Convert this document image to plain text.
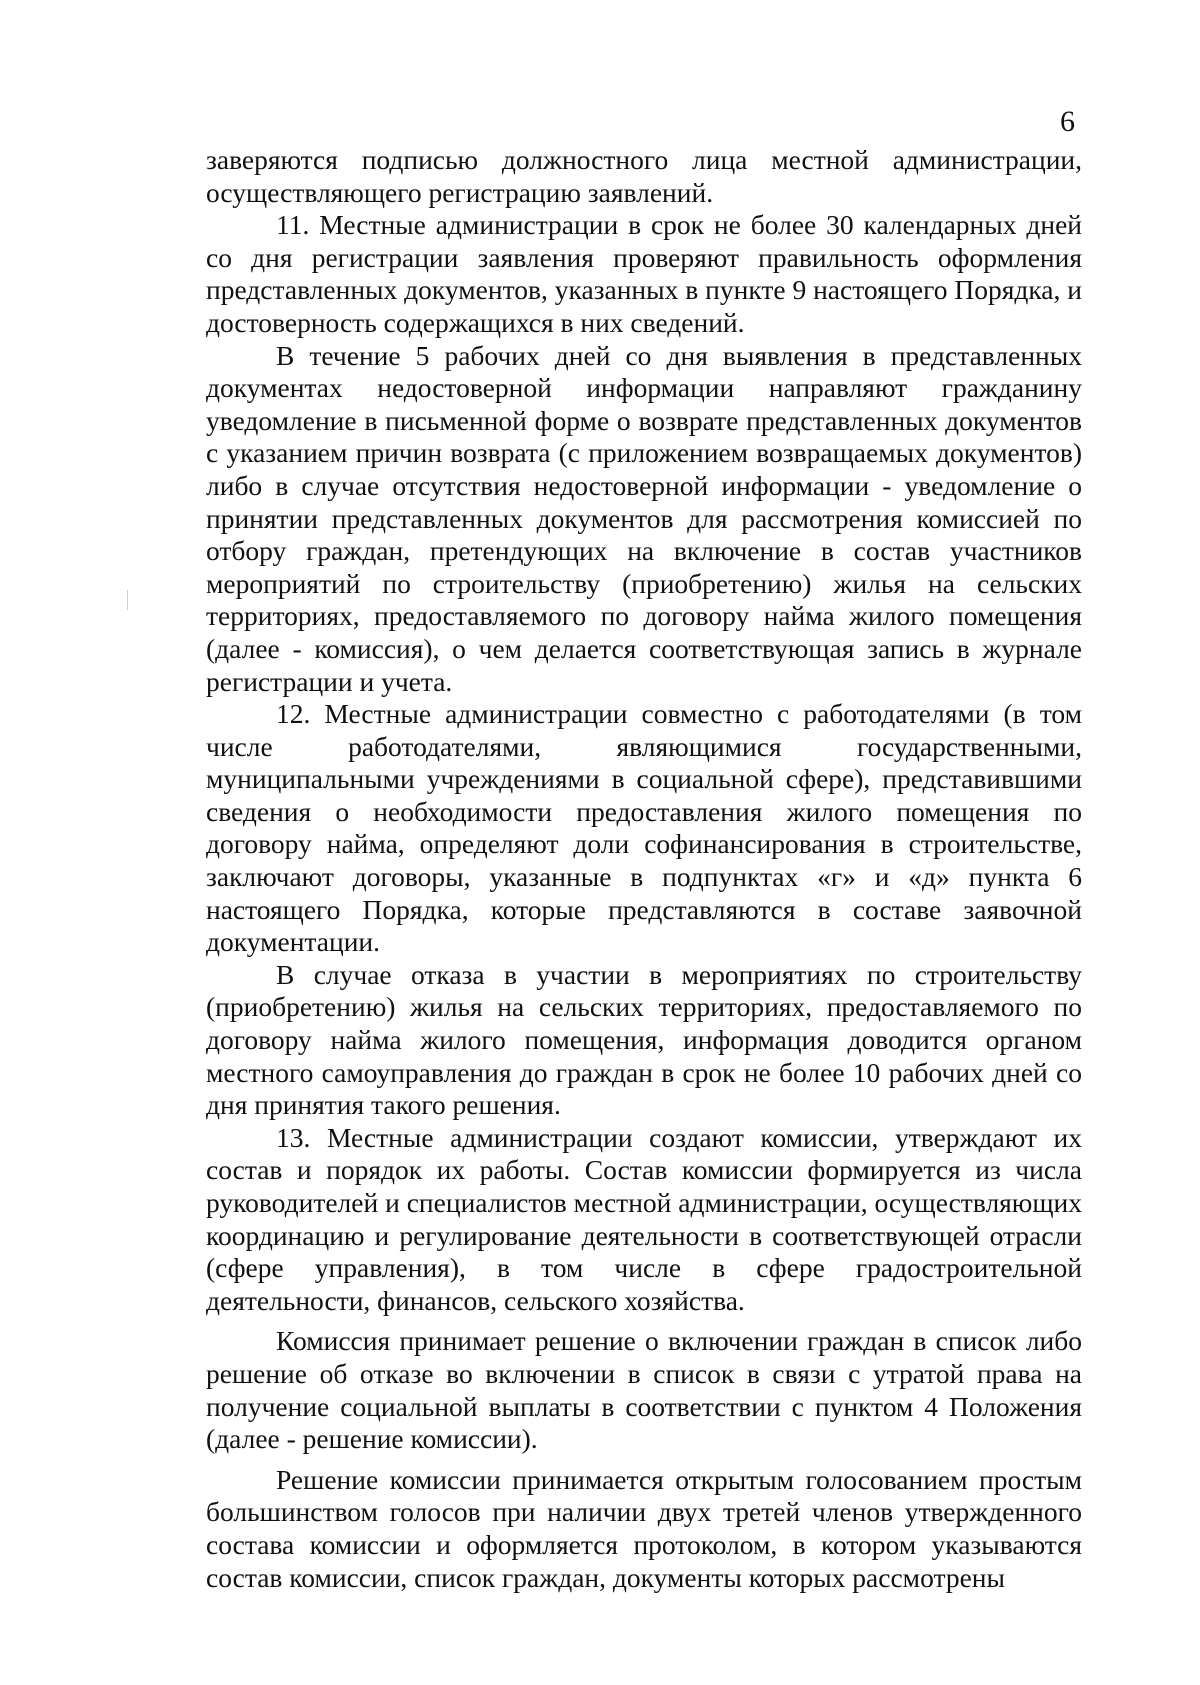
6

заверяются подписью должностного лица местной администрации, осуществляющего регистрацию заявлений.

11. Местные администрации в срок не более 30 календарных дней со дня регистрации заявления проверяют правильность оформления представленных документов, указанных в пункте 9 настоящего Порядка, и достоверность содержащихся в них сведений.

В течение 5 рабочих дней со дня выявления в представленных документах недостоверной информации направляют гражданину уведомление в письменной форме о возврате представленных документов с указанием причин возврата (с приложением возвращаемых документов) либо в случае отсутствия недостоверной информации - уведомление о принятии представленных документов для рассмотрения комиссией по отбору граждан, претендующих на включение в состав участников мероприятий по строительству (приобретению) жилья на сельских территориях, предоставляемого по договору найма жилого помещения (далее - комиссия), о чем делается соответствующая запись в журнале регистрации и учета.

12. Местные администрации совместно с работодателями (в том числе работодателями, являющимися государственными, муниципальными учреждениями в социальной сфере), представившими сведения о необходимости предоставления жилого помещения по договору найма, определяют доли софинансирования в строительстве, заключают договоры, указанные в подпунктах «г» и «д» пункта 6 настоящего Порядка, которые представляются в составе заявочной документации.

В случае отказа в участии в мероприятиях по строительству (приобретению) жилья на сельских территориях, предоставляемого по договору найма жилого помещения, информация доводится органом местного самоуправления до граждан в срок не более 10 рабочих дней со дня принятия такого решения.

13. Местные администрации создают комиссии, утверждают их состав и порядок их работы. Состав комиссии формируется из числа руководителей и специалистов местной администрации, осуществляющих координацию и регулирование деятельности в соответствующей отрасли (сфере управления), в том числе в сфере градостроительной деятельности, финансов, сельского хозяйства.

Комиссия принимает решение о включении граждан в список либо решение об отказе во включении в список в связи с утратой права на получение социальной выплаты в соответствии с пунктом 4 Положения (далее - решение комиссии).

Решение комиссии принимается открытым голосованием простым большинством голосов при наличии двух третей членов утвержденного состава комиссии и оформляется протоколом, в котором указываются состав комиссии, список граждан, документы которых рассмотрены
